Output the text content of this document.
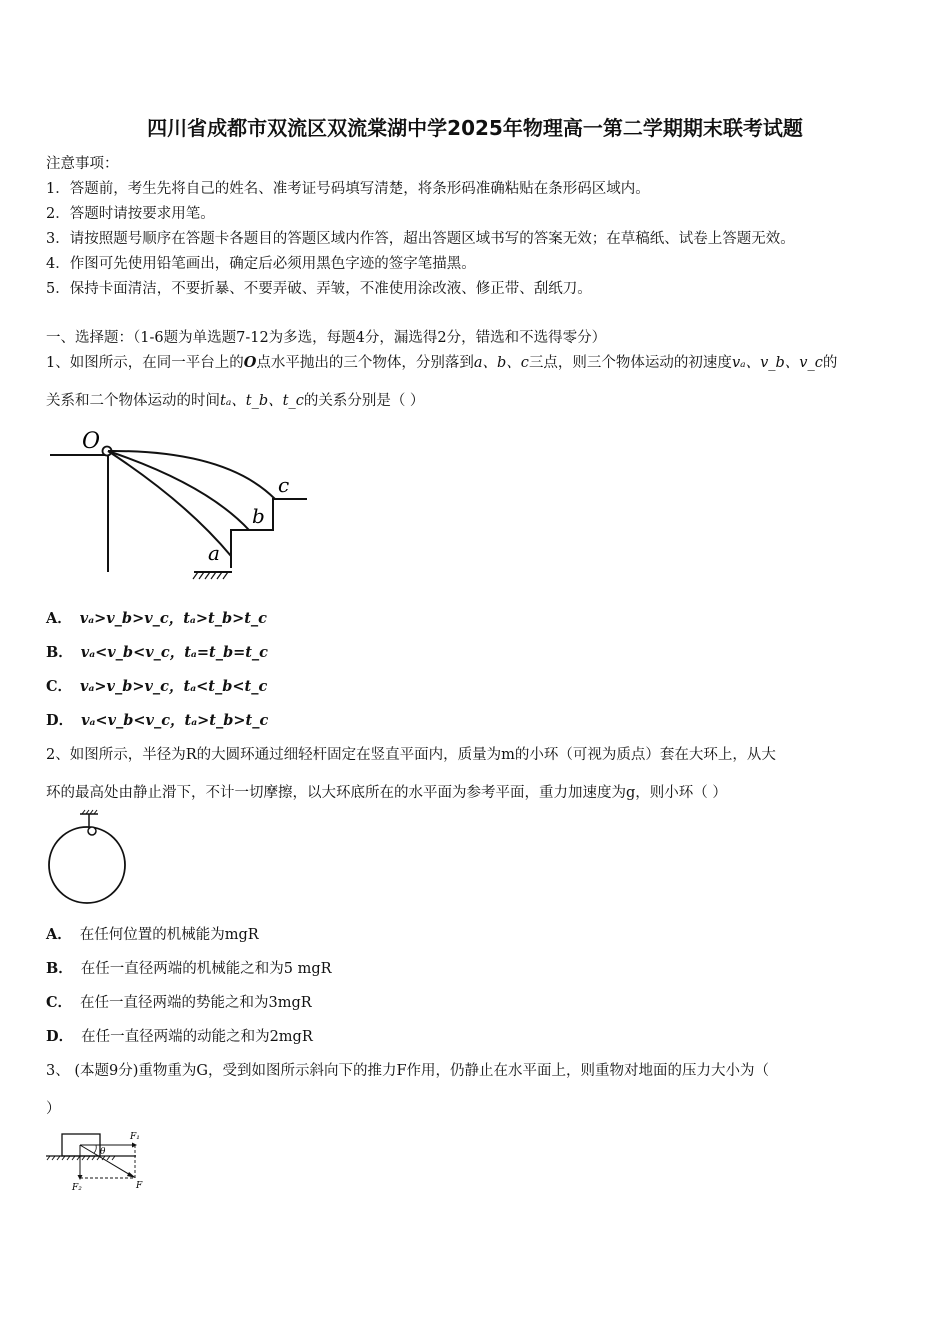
四川省成都市双流区双流棠湖中学2025年物理高一第二学期期末联考试题
注意事项：
1．答题前，考生先将自己的姓名、准考证号码填写清楚，将条形码准确粘贴在条形码区域内。
2．答题时请按要求用笔。
3．请按照题号顺序在答题卡各题目的答题区域内作答，超出答题区域书写的答案无效；在草稿纸、试卷上答题无效。
4．作图可先使用铅笔画出，确定后必须用黑色字迹的签字笔描黑。
5．保持卡面清洁，不要折暴、不要弄破、弄皱，不准使用涂改液、修正带、刮纸刀。
一、选择题：（1-6题为单选题7-12为多选，每题4分，漏选得2分，错选和不选得零分）
1、如图所示，在同一平台上的O点水平抛出的三个物体，分别落到a、b、c三点，则三个物体运动的初速度vₐ、v_b、v_c的
关系和二个物体运动的时间tₐ、t_b、t_c的关系分别是（ ）
O
a
b
c
A． vₐ>v_b>v_c，tₐ>t_b>t_c
B． vₐ<v_b<v_c，tₐ=t_b=t_c
C． vₐ>v_b>v_c，tₐ<t_b<t_c
D． vₐ<v_b<v_c，tₐ>t_b>t_c
2、如图所示，半径为R的大圆环通过细轻杆固定在竖直平面内，质量为m的小环（可视为质点）套在大环上，从大
环的最高处由静止滑下，不计一切摩擦，以大环底所在的水平面为参考平面，重力加速度为g，则小环（ ）
A． 在任何位置的机械能为mgR
B． 在任一直径两端的机械能之和为5 mgR
C． 在任一直径两端的势能之和为3mgR
D． 在任一直径两端的动能之和为2mgR
3、 (本题9分)重物重为G，受到如图所示斜向下的推力F作用，仍静止在水平面上，则重物对地面的压力大小为（
）
θ
F₁
F
F₂
